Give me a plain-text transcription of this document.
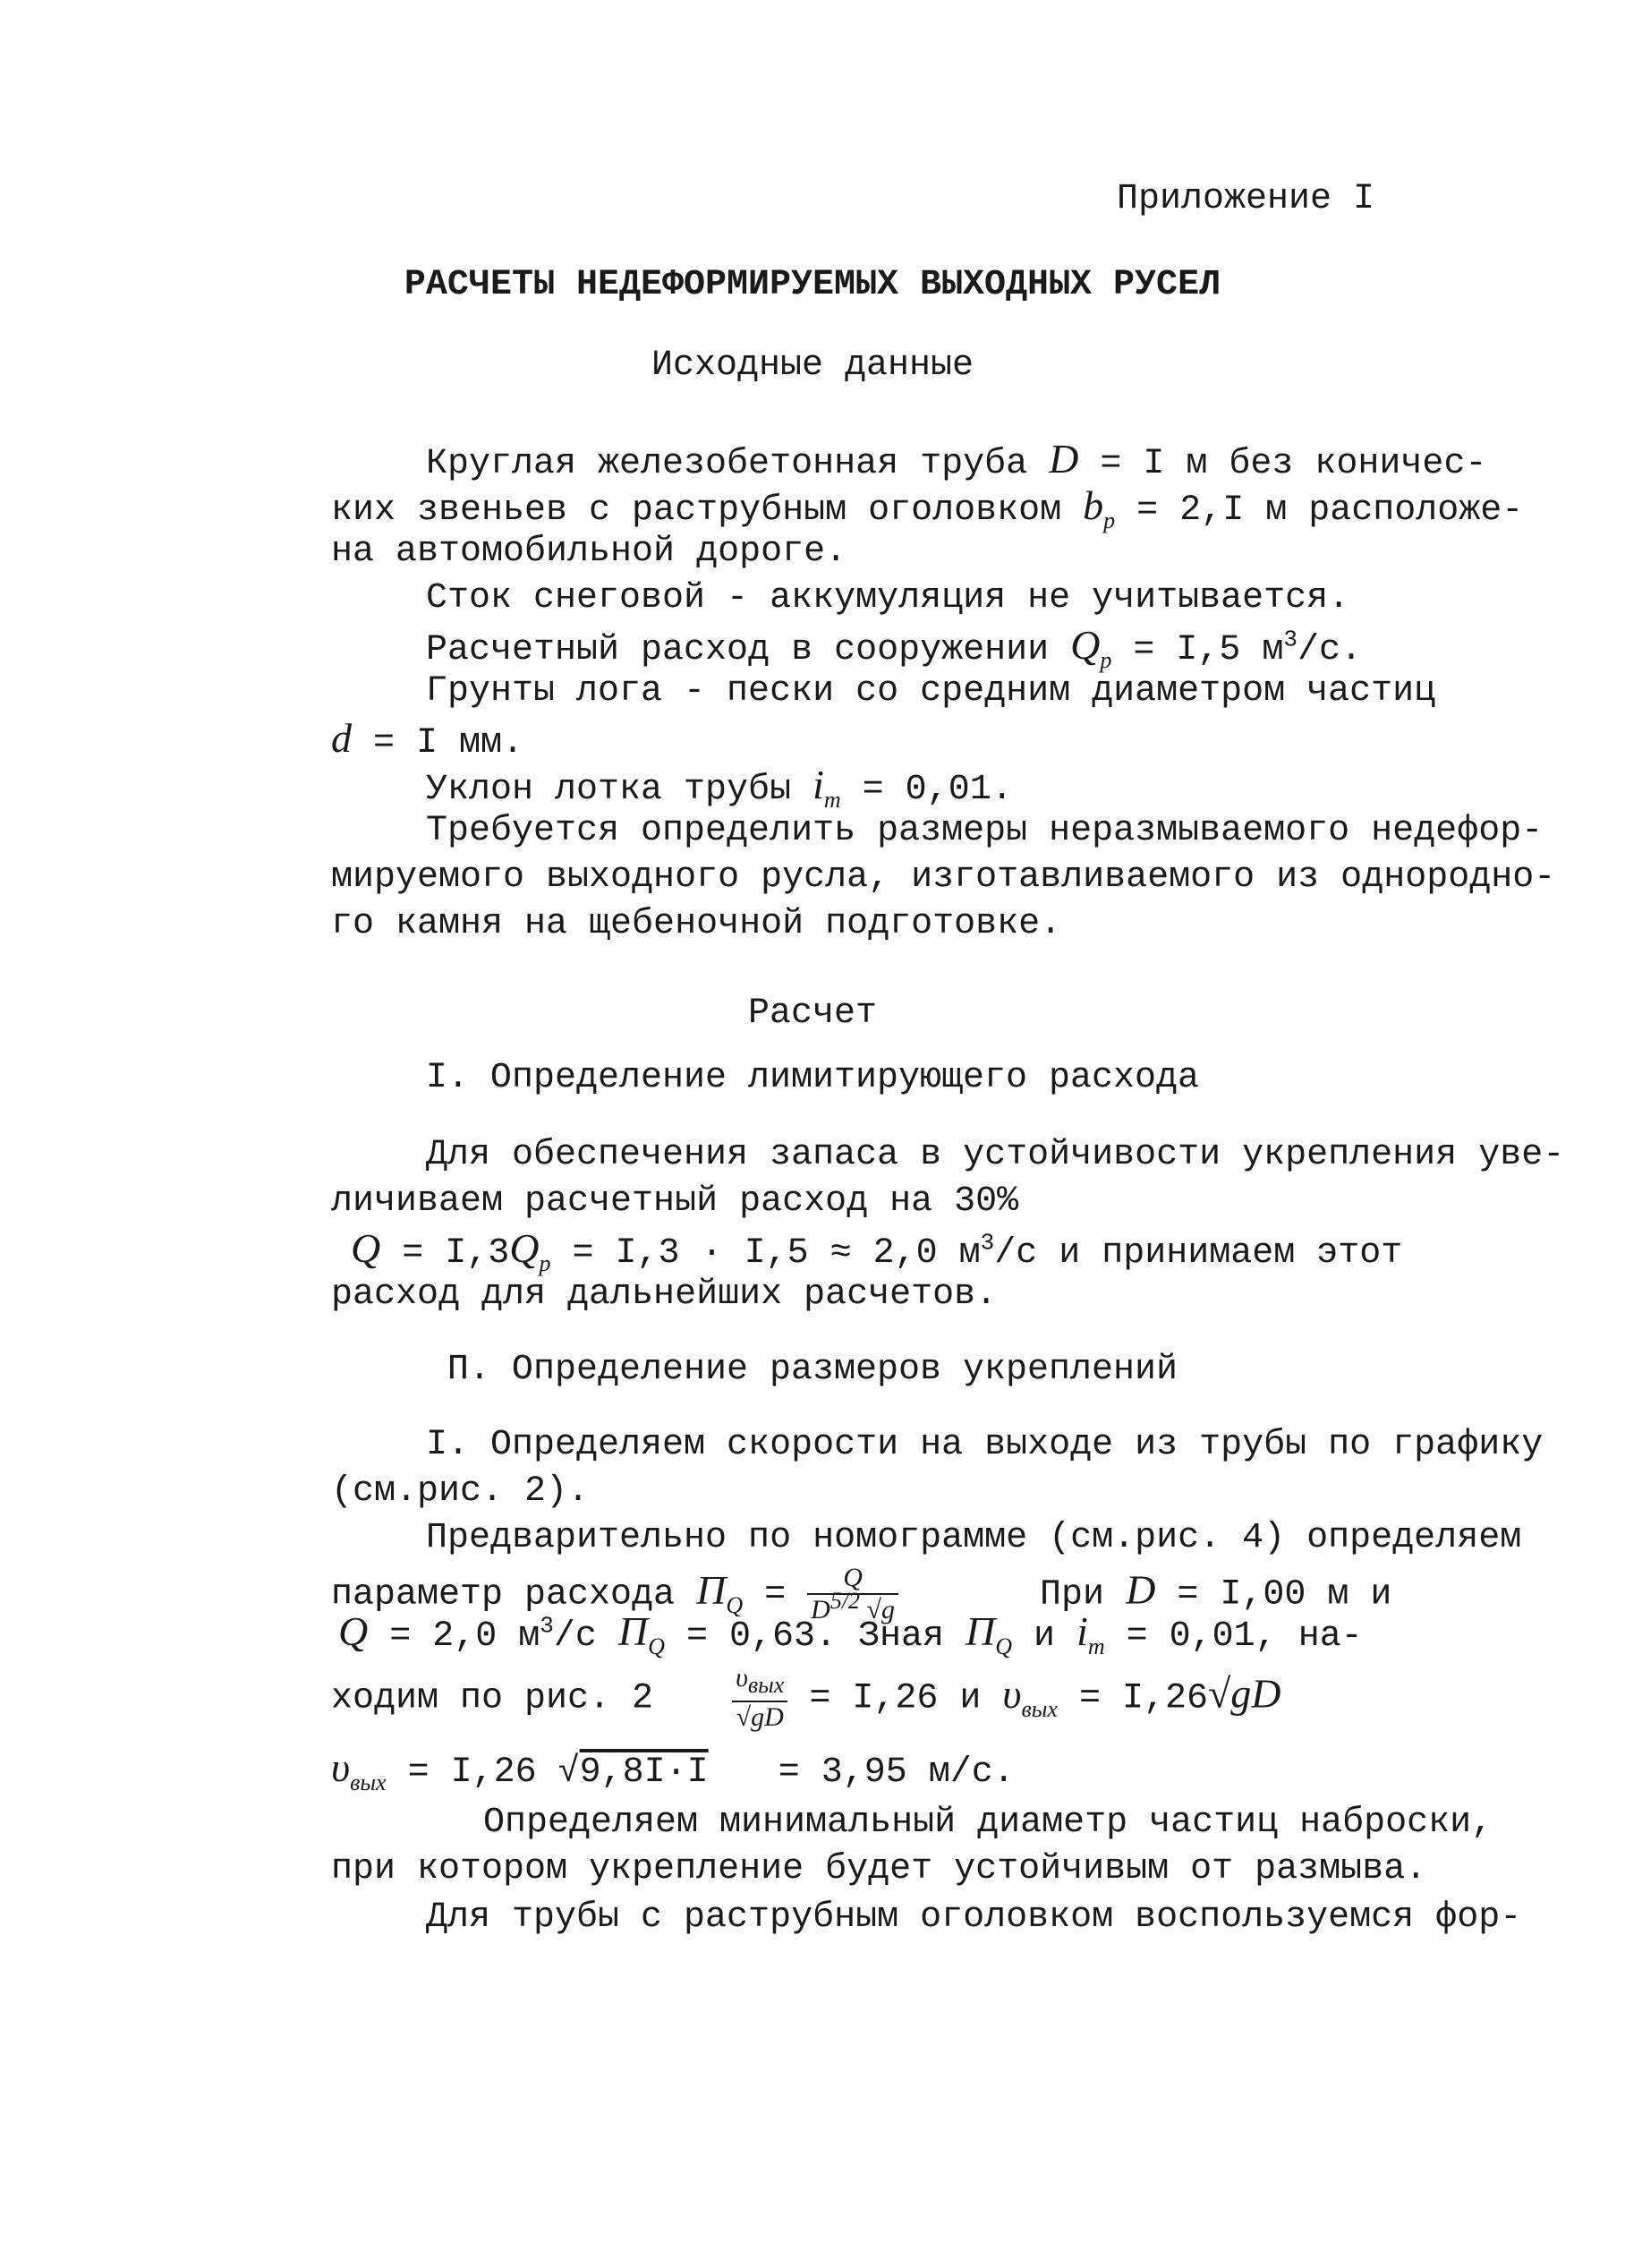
Приложение I
РАСЧЕТЫ НЕДЕФОРМИРУЕМЫХ ВЫХОДНЫХ РУСЕЛ
Исходные данные
Круглая железобетонная труба D = I м без коничес-
ких звеньев с раструбным оголовком $b_p = 2,I$ м расположе-
на автомобильной дороге.
Сток снеговой - аккумуляция не учитывается.
Расчетный расход в сооружении $Q_p = I,5$ $м^3/с$.
Грунты лога - пески со средним диаметром частиц
d = I мм.
Уклон лотка трубы $i_т = 0,01$.
Требуется определить размеры неразмываемого недефор-
мируемого выходного русла, изготавливаемого из однородно-
го камня на щебеночной подготовке.
Расчет
I. Определение лимитирующего расхода
Для обеспечения запаса в устойчивости укрепления уве-
личиваем расчетный расход на 30%
$Q = I,3Q_p = I,3 \cdot I,5 \approx 2,0$ $м^3/с$ и принимаем этот
расход для дальнейших расчетов.
П. Определение размеров укреплений
I. Определяем скорости на выходе из трубы по графику
(см.рис. 2).
Предварительно по номограмме (см.рис. 4) определяем
параметр расхода $\Pi_Q = \frac{Q}{D^{5/2} √g}$	При D = I,00 м и
Q = 2,0 $м^3/с$ $\Pi_Q = 0,63$. Зная $\Pi_Q$ и $i_т = 0,01$, на-
ходим по рис. 2	$\frac{\upsilon_{вых}}{√gD} = I,26$ и $\upsilon_{вых} = I,26√gD$
$\upsilon_{вых} = I,26$ √9,8I·I = 3,95 м/с.
Определяем минимальный диаметр частиц наброски,
при котором укрепление будет устойчивым от размыва.
Для трубы с раструбным оголовком воспользуемся фор-
